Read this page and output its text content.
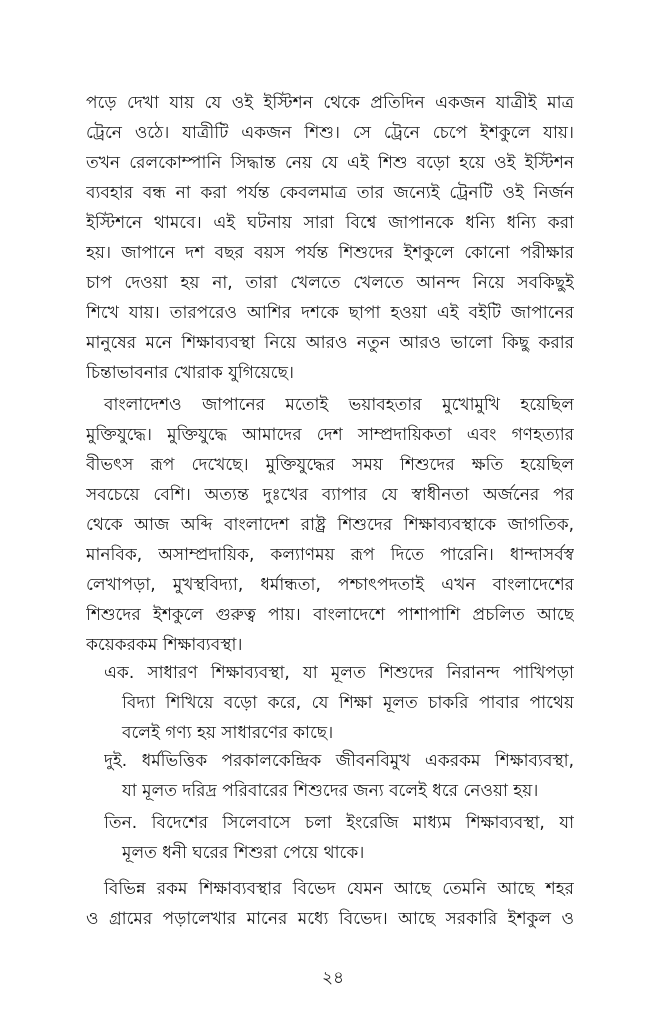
পড়ে দেখা যায় যে ওই ইস্টিশন থেকে প্রতিদিন একজন যাত্রীই মাত্র
ট্রেনে ওঠে। যাত্রীটি একজন শিশু। সে ট্রেনে চেপে ইশকুলে যায়।
তখন রেলকোম্পানি সিদ্ধান্ত নেয় যে এই শিশু বড়ো হয়ে ওই ইস্টিশন
ব্যবহার বন্ধ না করা পর্যন্ত কেবলমাত্র তার জন্যেই ট্রেনটি ওই নির্জন
ইস্টিশনে থামবে। এই ঘটনায় সারা বিশ্বে জাপানকে ধন্যি ধন্যি করা
হয়। জাপানে দশ বছর বয়স পর্যন্ত শিশুদের ইশকুলে কোনো পরীক্ষার
চাপ দেওয়া হয় না, তারা খেলতে খেলতে আনন্দ নিয়ে সবকিছুই
শিখে যায়। তারপরেও আশির দশকে ছাপা হওয়া এই বইটি জাপানের
মানুষের মনে শিক্ষাব্যবস্থা নিয়ে আরও নতুন আরও ভালো কিছু করার
চিন্তাভাবনার খোরাক যুগিয়েছে।
বাংলাদেশও জাপানের মতোই ভয়াবহতার মুখোমুখি হয়েছিল
মুক্তিযুদ্ধে। মুক্তিযুদ্ধে আমাদের দেশ সাম্প্রদায়িকতা এবং গণহত্যার
বীভৎস রূপ দেখেছে। মুক্তিযুদ্ধের সময় শিশুদের ক্ষতি হয়েছিল
সবচেয়ে বেশি। অত্যন্ত দুঃখের ব্যাপার যে স্বাধীনতা অর্জনের পর
থেকে আজ অব্দি বাংলাদেশ রাষ্ট্র শিশুদের শিক্ষাব্যবস্থাকে জাগতিক,
মানবিক, অসাম্প্রদায়িক, কল্যাণময় রূপ দিতে পারেনি। ধান্দাসর্বস্ব
লেখাপড়া, মুখস্থবিদ্যা, ধর্মান্ধতা, পশ্চাৎপদতাই এখন বাংলাদেশের
শিশুদের ইশকুলে গুরুত্ব পায়। বাংলাদেশে পাশাপাশি প্রচলিত আছে
কয়েকরকম শিক্ষাব্যবস্থা।
এক. সাধারণ শিক্ষাব্যবস্থা, যা মূলত শিশুদের নিরানন্দ পাখিপড়া
বিদ্যা শিখিয়ে বড়ো করে, যে শিক্ষা মূলত চাকরি পাবার পাথেয়
বলেই গণ্য হয় সাধারণের কাছে।
দুই. ধর্মভিত্তিক পরকালকেন্দ্রিক জীবনবিমুখ একরকম শিক্ষাব্যবস্থা,
যা মূলত দরিদ্র পরিবারের শিশুদের জন্য বলেই ধরে নেওয়া হয়।
তিন. বিদেশের সিলেবাসে চলা ইংরেজি মাধ্যম শিক্ষাব্যবস্থা, যা
মূলত ধনী ঘরের শিশুরা পেয়ে থাকে।
বিভিন্ন রকম শিক্ষাব্যবস্থার বিভেদ যেমন আছে তেমনি আছে শহর
ও গ্রামের পড়ালেখার মানের মধ্যে বিভেদ। আছে সরকারি ইশকুল ও
২৪
